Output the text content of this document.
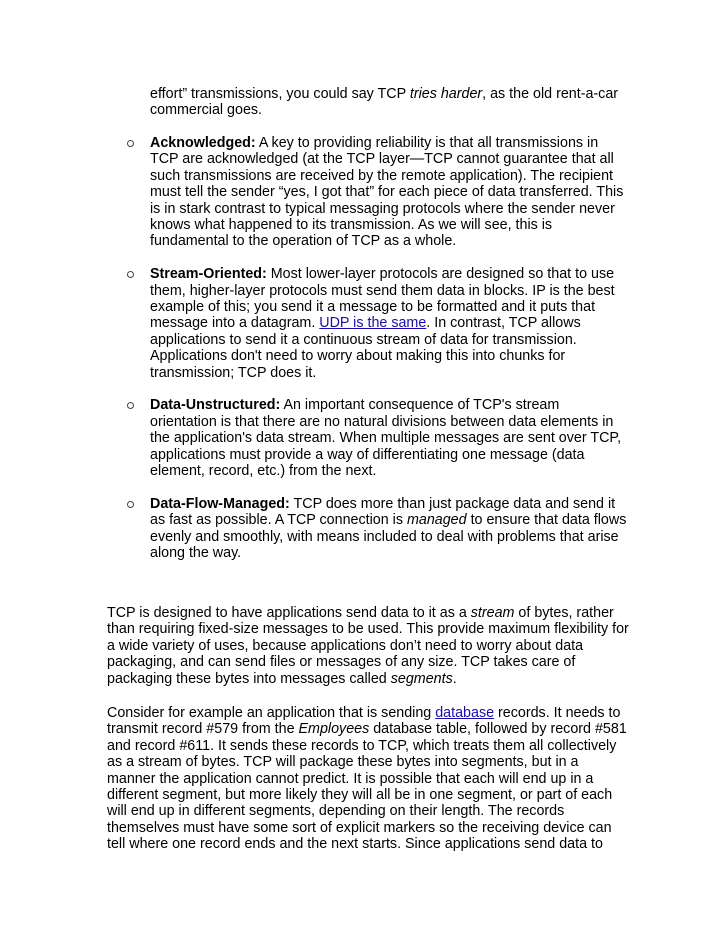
effort” transmissions, you could say TCP tries harder, as the old rent-a-car commercial goes.

Acknowledged: A key to providing reliability is that all transmissions in TCP are acknowledged (at the TCP layer—TCP cannot guarantee that all such transmissions are received by the remote application). The recipient must tell the sender “yes, I got that” for each piece of data transferred. This is in stark contrast to typical messaging protocols where the sender never knows what happened to its transmission. As we will see, this is fundamental to the operation of TCP as a whole.
Stream-Oriented: Most lower-layer protocols are designed so that to use them, higher-layer protocols must send them data in blocks. IP is the best example of this; you send it a message to be formatted and it puts that message into a datagram. UDP is the same. In contrast, TCP allows applications to send it a continuous stream of data for transmission. Applications don't need to worry about making this into chunks for transmission; TCP does it.
Data-Unstructured: An important consequence of TCP's stream orientation is that there are no natural divisions between data elements in the application's data stream. When multiple messages are sent over TCP, applications must provide a way of differentiating one message (data element, record, etc.) from the next.
Data-Flow-Managed: TCP does more than just package data and send it as fast as possible. A TCP connection is managed to ensure that data flows evenly and smoothly, with means included to deal with problems that arise along the way.

TCP is designed to have applications send data to it as a stream of bytes, rather than requiring fixed-size messages to be used. This provide maximum flexibility for a wide variety of uses, because applications don’t need to worry about data packaging, and can send files or messages of any size. TCP takes care of packaging these bytes into messages called segments.

Consider for example an application that is sending database records. It needs to transmit record #579 from the Employees database table, followed by record #581 and record #611. It sends these records to TCP, which treats them all collectively as a stream of bytes. TCP will package these bytes into segments, but in a manner the application cannot predict. It is possible that each will end up in a different segment, but more likely they will all be in one segment, or part of each will end up in different segments, depending on their length. The records themselves must have some sort of explicit markers so the receiving device can tell where one record ends and the next starts. Since applications send data to
